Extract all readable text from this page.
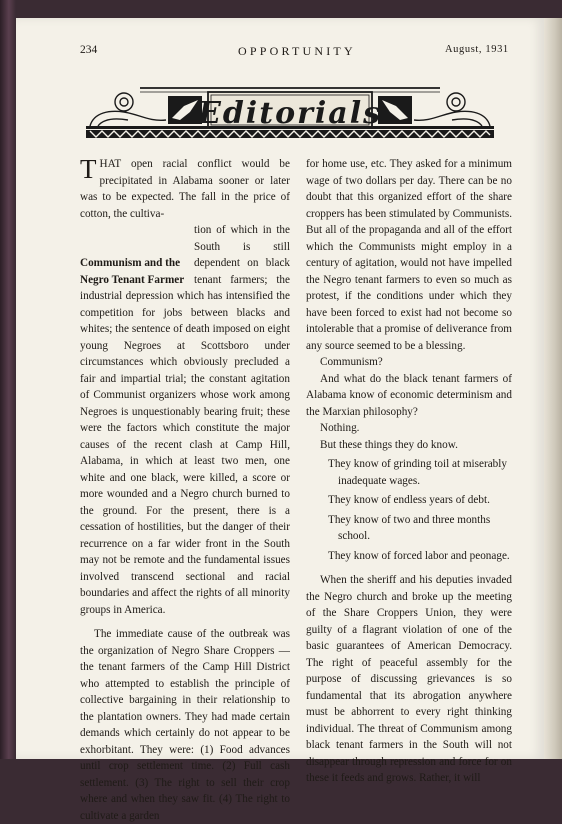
234	OPPORTUNITY	August, 1931
Editorials

THAT open racial conflict would be precipitated in Alabama sooner or later was to be expected. The fall in the price of cotton, the cultiva-

Communism and the Negro Tenant Farmer
tion of which in the South is still dependent on black tenant farmers; the industrial depression which has intensified the competition for jobs between blacks and whites; the sentence of death imposed on eight young Negroes at Scottsboro under circumstances which obviously precluded a fair and impartial trial; the constant agitation of Communist organizers whose work among Negroes is unquestionably bearing fruit; these were the factors which constitute the major causes of the recent clash at Camp Hill, Alabama, in which at least two men, one white and one black, were killed, a score or more wounded and a Negro church burned to the ground. For the present, there is a cessation of hostilities, but the danger of their recurrence on a far wider front in the South may not be remote and the fundamental issues involved transcend sectional and racial boundaries and affect the rights of all minority groups in America.

The immediate cause of the outbreak was the organization of Negro Share Croppers —the tenant farmers of the Camp Hill District who attempted to establish the principle of collective bargaining in their relationship to the plantation owners. They had made certain demands which certainly do not appear to be exhorbitant. They were: (1) Food advances until crop settlement time. (2) Full cash settlement. (3) The right to sell their crop where and when they saw fit. (4) The right to cultivate a garden

for home use, etc. They asked for a minimum wage of two dollars per day. There can be no doubt that this organized effort of the share croppers has been stimulated by Communists. But all of the propaganda and all of the effort which the Communists might employ in a century of agitation, would not have impelled the Negro tenant farmers to even so much as protest, if the conditions under which they have been forced to exist had not become so intolerable that a promise of deliverance from any source seemed to be a blessing.

Communism?

And what do the black tenant farmers of Alabama know of economic determinism and the Marxian philosophy?

Nothing.

But these things they do know.

They know of grinding toil at miserably inadequate wages.

They know of endless years of debt.

They know of two and three months school.

They know of forced labor and peonage.

When the sheriff and his deputies invaded the Negro church and broke up the meeting of the Share Croppers Union, they were guilty of a flagrant violation of one of the basic guarantees of American Democracy. The right of peaceful assembly for the purpose of discussing grievances is so fundamental that its abrogation anywhere must be abhorrent to every right thinking individual. The threat of Communism among black tenant farmers in the South will not disappear through repression and force for on these it feeds and grows. Rather, it will
